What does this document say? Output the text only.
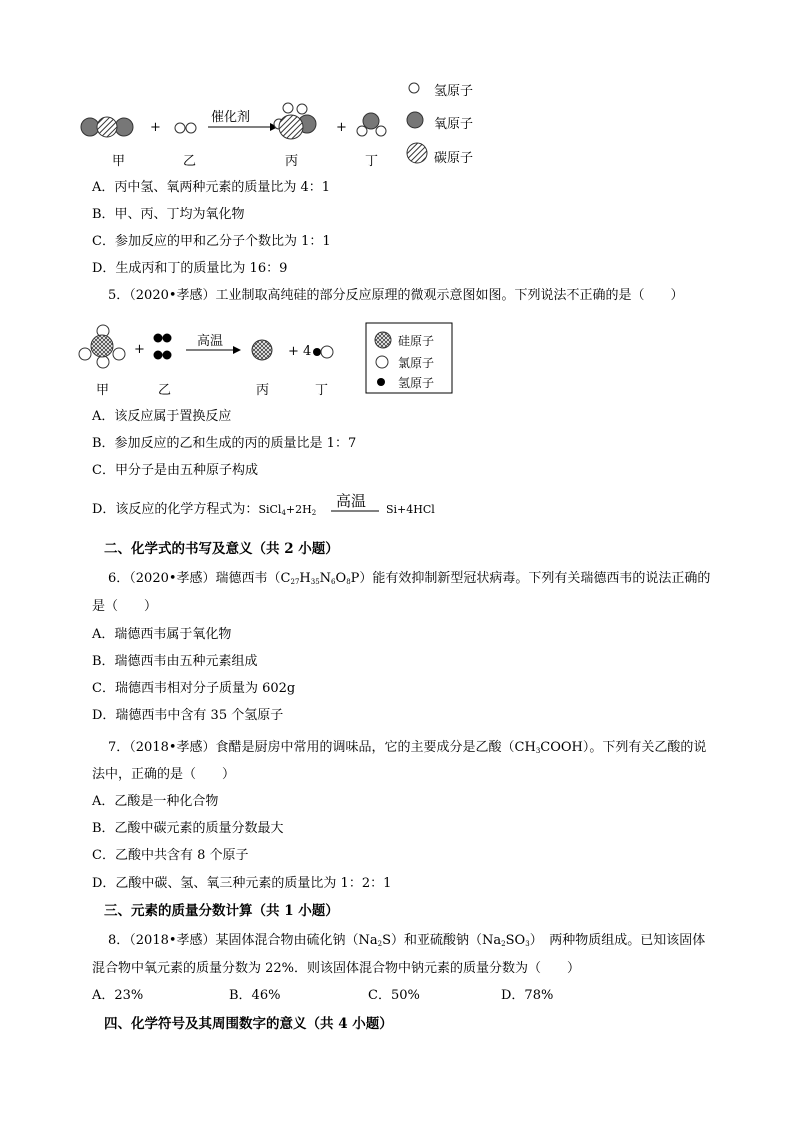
催化剂
+	+
甲	乙	丙	丁
氢原子
氧原子
碳原子
A．丙中氢、氧两种元素的质量比为 4：1
B．甲、丙、丁均为氧化物
C．参加反应的甲和乙分子个数比为 1：1
D．生成丙和丁的质量比为 16：9
5．（2020•孝感）工业制取高纯硅的部分反应原理的微观示意图如图。下列说法不正确的是（　　）
高温
+	+ 4
甲	乙	丙	丁
硅原子
氯原子
氢原子
A．该反应属于置换反应
B．参加反应的乙和生成的丙的质量比是 1：7
C．甲分子是由五种原子构成
D．该反应的化学方程式为：$SiCl_4+2H_2$
高温 Si+4HCl
二、化学式的书写及意义（共 2 小题）
6．（2020•孝感）瑞德西韦$(C_{27}H_{35}N_6O_8P)$能有效抑制新型冠状病毒。下列有关瑞德西韦的说法正确的
是（　　）
A．瑞德西韦属于氧化物
B．瑞德西韦由五种元素组成
C．瑞德西韦相对分子质量为 602g
D．瑞德西韦中含有 35 个氢原子
7．（2018•孝感）食醋是厨房中常用的调味品，它的主要成分是乙酸$(CH_3COOH)$。下列有关乙酸的说
法中，正确的是（　　）
A．乙酸是一种化合物
B．乙酸中碳元素的质量分数最大
C．乙酸中共含有 8 个原子
D．乙酸中碳、氢、氧三种元素的质量比为 1：2：1
三、元素的质量分数计算（共 1 小题）
8．（2018•孝感）某固体混合物由硫化钠$(Na_2S)$和亚硫酸钠$(Na_2SO_3)$　两种物质组成。已知该固体
混合物中氧元素的质量分数为 22%．则该固体混合物中钠元素的质量分数为（　　）
A．23%	B．46%	C．50%	D．78%
四、化学符号及其周围数字的意义（共 4 小题）
